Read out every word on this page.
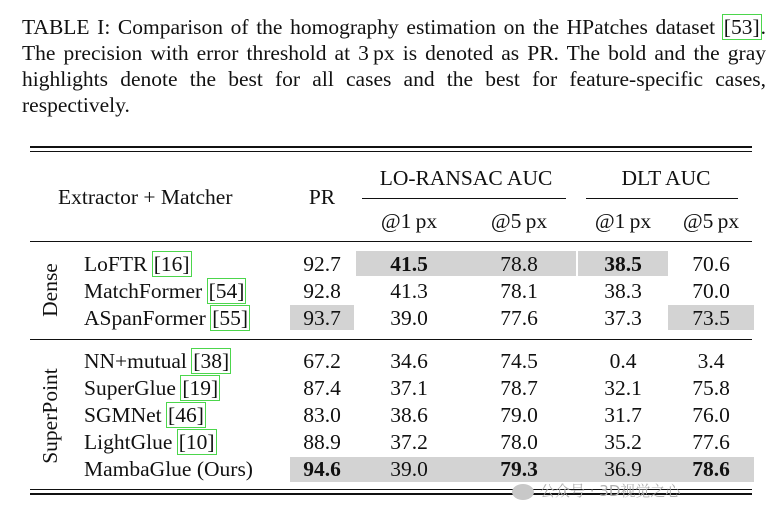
TABLE I: Comparison of the homography estimation on the HPatches dataset [53]. The precision with error threshold at 3 px is denoted as PR. The bold and the gray highlights denote the best for all cases and the best for feature-specific cases, respectively.
Extractor + Matcher	PR
LO-RANSAC AUC	DLT AUC
@1 px	@5 px	@1 px	@5 px
Dense
SuperPoint
LoFTR [16]	92.7	41.5	78.8	38.5	70.6
MatchFormer [54]	92.8	41.3	78.1	38.3	70.0
ASpanFormer [55]	93.7	39.0	77.6	37.3	73.5
NN+mutual [38]	67.2	34.6	74.5	0.4	3.4
SuperGlue [19]	87.4	37.1	78.7	32.1	75.8
SGMNet [46]	83.0	38.6	79.0	31.7	76.0
LightGlue [10]	88.9	37.2	78.0	35.2	77.6
MambaGlue (Ours)	94.6	39.0	79.3	36.9	78.6
公众号 · 3D视觉之心
